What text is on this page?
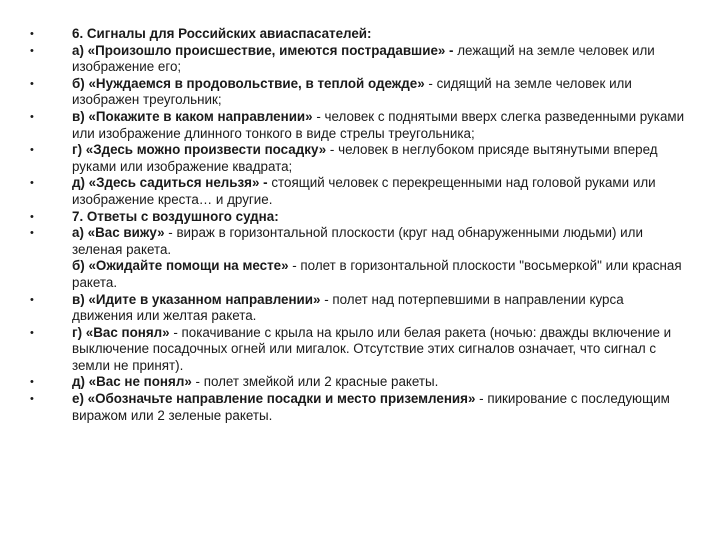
•	6. Сигналы для Российских авиаспасателей:
•	а) «Произошло происшествие, имеются пострадавшие» - лежащий на земле человек или изображение его;
•	б) «Нуждаемся в продовольствие, в теплой одежде» - сидящий на земле человек или изображен треугольник;
•	в) «Покажите в каком направлении» - человек с поднятыми вверх слегка разведенными руками или изображение длинного тонкого в виде стрелы треугольника;
•	г) «Здесь можно произвести посадку» - человек в неглубоком присяде вытянутыми вперед руками или изображение квадрата;
•	д) «Здесь садиться нельзя» - стоящий человек с перекрещенными над головой руками или изображение креста… и другие.
•	7. Ответы с воздушного судна:
•	а) «Вас вижу» - вираж в горизонтальной плоскости (круг над обнаруженными людьми) или зеленая ракета.
б) «Ожидайте помощи на месте» - полет в горизонтальной плоскости "восьмеркой" или красная ракета.
•	в) «Идите в указанном направлении» - полет над потерпевшими в направлении курса движения или желтая ракета.
•	г) «Вас понял» - покачивание с крыла на крыло или белая ракета (ночью: дважды включение и выключение посадочных огней или мигалок. Отсутствие этих сигналов означает, что сигнал с земли не принят).
•	д) «Вас не понял» - полет змейкой или 2 красные ракеты.
•	е) «Обозначьте направление посадки и место приземления» - пикирование с последующим виражом или 2 зеленые ракеты.
